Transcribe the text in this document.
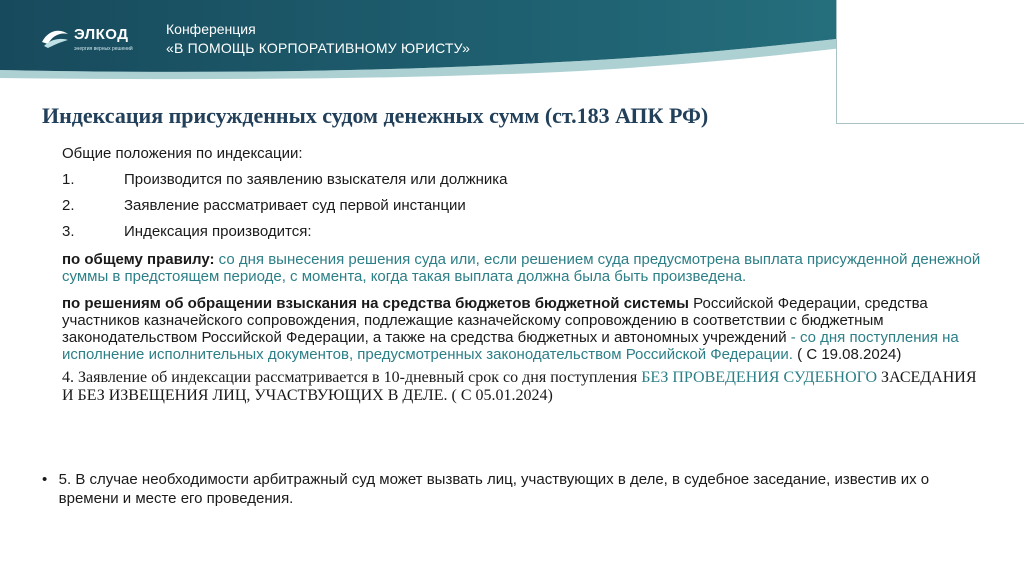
ЭЛКОД
энергия верных решений
Конференция
«В ПОМОЩЬ КОРПОРАТИВНОМУ ЮРИСТУ»
Индексация присужденных судом денежных сумм (ст.183 АПК РФ)

Общие положения по индексации:

1.	Производится по заявлению взыскателя или должника
2.	Заявление рассматривает суд первой инстанции
3.	Индексация производится:
по общему правилу: со дня вынесения решения суда или, если решением суда предусмотрена выплата присужденной денежной суммы в предстоящем периоде, с момента, когда такая выплата должна была быть произведена.
по решениям об обращении взыскания на средства бюджетов бюджетной системы Российской Федерации, средства участников казначейского сопровождения, подлежащие казначейскому сопровождению в соответствии с бюджетным законодательством Российской Федерации, а также на средства бюджетных и автономных учреждений - со дня поступления на исполнение исполнительных документов, предусмотренных законодательством Российской Федерации. ( С 19.08.2024)
4. Заявление об индексации рассматривается в 10-дневный срок со дня поступления БЕЗ ПРОВЕДЕНИЯ СУДЕБНОГО ЗАСЕДАНИЯ И БЕЗ ИЗВЕЩЕНИЯ ЛИЦ, УЧАСТВУЮЩИХ В ДЕЛЕ. ( С 05.01.2024)
• 5. В случае необходимости арбитражный суд может вызвать лиц, участвующих в деле, в судебное заседание, известив их о времени и месте его проведения.
